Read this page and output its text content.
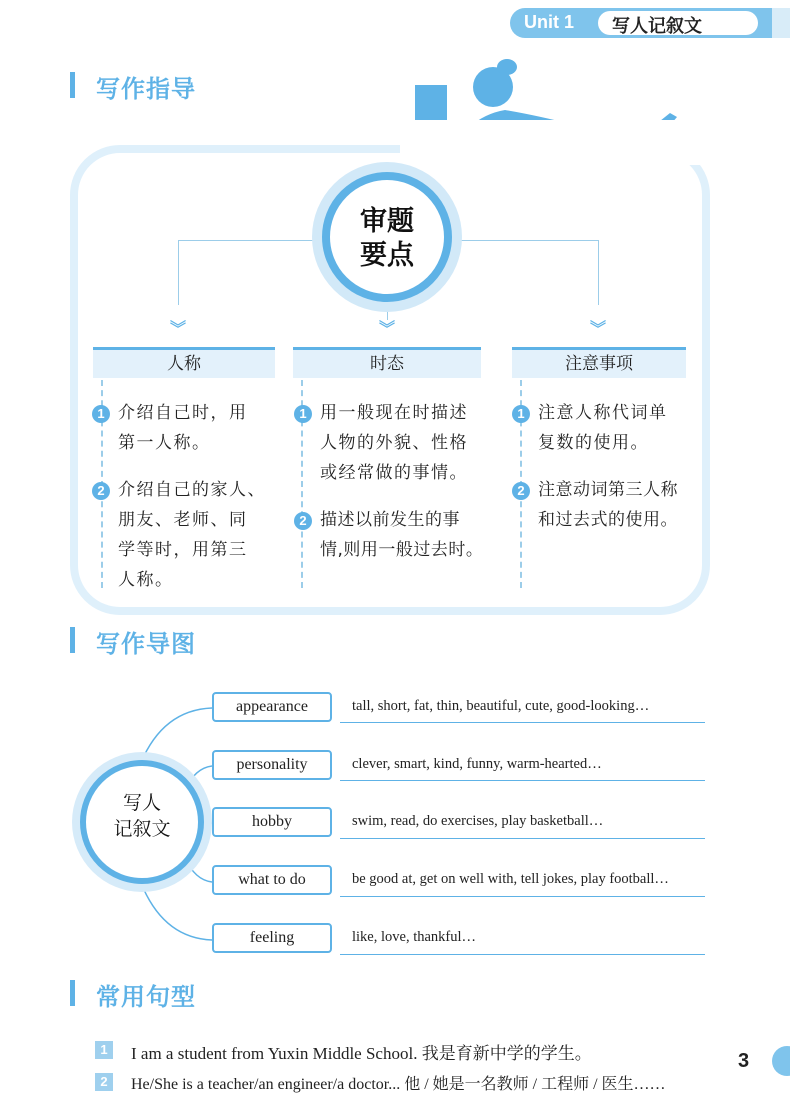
Unit 1 写人记叙文
写作指导
审题
要点
︾	︾	︾
人称	时态	注意事项
1 介绍自己时，用
第一人称。
2 介绍自己的家人、
朋友、老师、同
学等时，用第三
人称。
1 用一般现在时描述
人物的外貌、性格
或经常做的事情。
2 描述以前发生的事
情,则用一般过去时。
1 注意人称代词单
复数的使用。
2 注意动词第三人称
和过去式的使用。
写作导图
写人
记叙文
appearance	tall, short, fat, thin, beautiful, cute, good-looking…
personality	clever, smart, kind, funny, warm-hearted…
hobby	swim, read, do exercises, play basketball…
what to do	be good at, get on well with, tell jokes, play football…
feeling	like, love, thankful…
常用句型
1	I am a student from Yuxin Middle School. 我是育新中学的学生。
2	He/She is a teacher/an engineer/a doctor... 他 / 她是一名教师 / 工程师 / 医生……
3
